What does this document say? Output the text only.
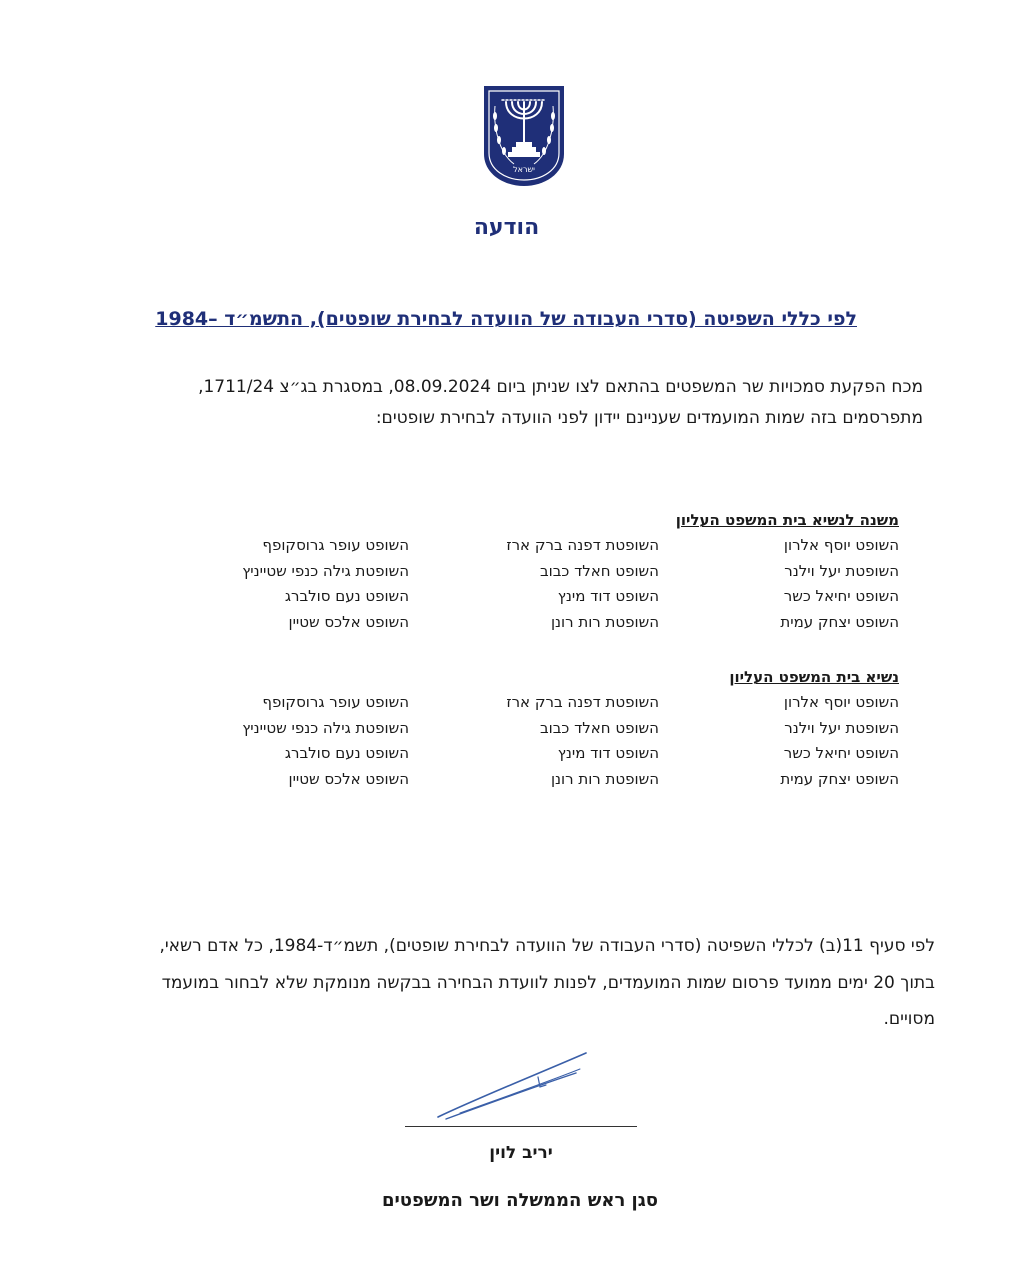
ישראל
הודעה
לפי כללי השפיטה (סדרי העבודה של הוועדה לבחירת שופטים), התשמ״ד –1984

מכח הפקעת סמכויות שר המשפטים בהתאם לצו שניתן ביום 08.09.2024, במסגרת בג״צ 1711/24,

מתפרסמים בזה שמות המועמדים שעניינם יידון לפני הוועדה לבחירת שופטים:

משנה לנשיא בית המשפט העליון
השופט יוסף אלרון
השופטת דפנה ברק ארז
השופט עופר גרוסקופף
השופטת יעל וילנר
השופט חאלד כבוב
השופטת גילה כנפי שטייניץ
השופט יחיאל כשר
השופט דוד מינץ
השופט נעם סולברג
השופט יצחק עמית
השופטת רות רונן
השופט אלכס שטיין
נשיא בית המשפט העליון
השופט יוסף אלרון
השופטת דפנה ברק ארז
השופט עופר גרוסקופף
השופטת יעל וילנר
השופט חאלד כבוב
השופטת גילה כנפי שטייניץ
השופט יחיאל כשר
השופט דוד מינץ
השופט נעם סולברג
השופט יצחק עמית
השופטת רות רונן
השופט אלכס שטיין

לפי סעיף 11(ב) לכללי השפיטה (סדרי העבודה של הוועדה לבחירת שופטים), תשמ״ד-1984, כל אדם רשאי,

בתוך 20 ימים ממועד פרסום שמות המועמדים, לפנות לוועדת הבחירה בבקשה מנומקת שלא לבחור במועמד

מסויים.

יריב לוין
סגן ראש הממשלה ושר המשפטים
